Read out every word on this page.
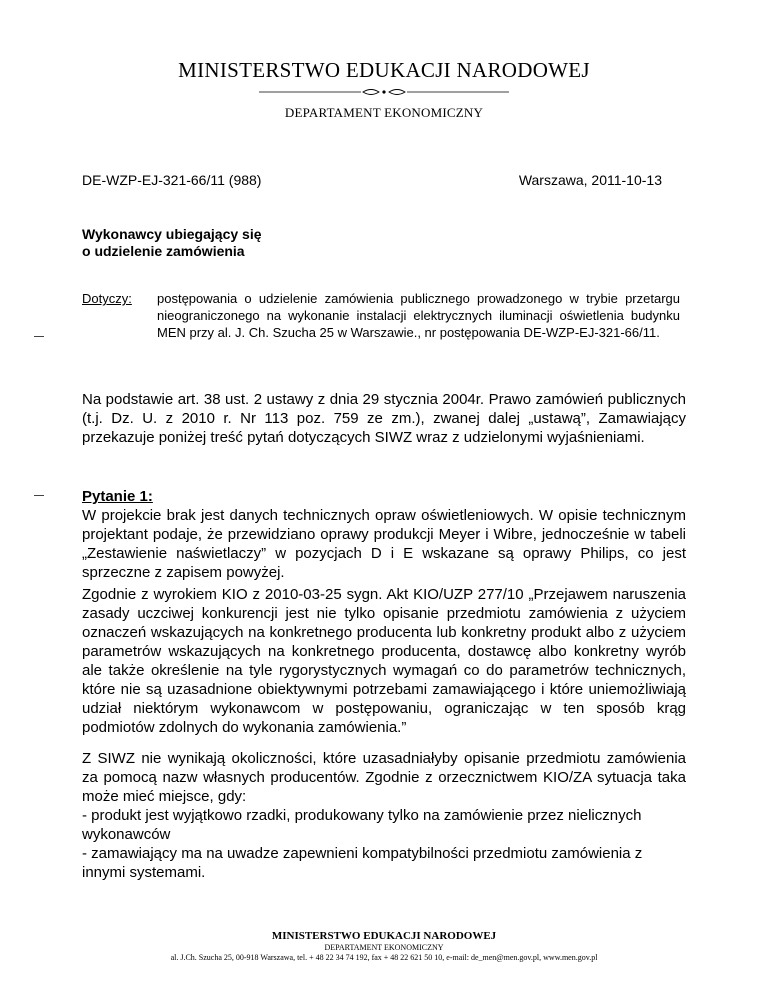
MINISTERSTWO EDUKACJI NARODOWEJ
DEPARTAMENT EKONOMICZNY
DE-WZP-EJ-321-66/11 (988)	Warszawa, 2011-10-13
Wykonawcy ubiegający się
o udzielenie zamówienia
Dotyczy: postępowania o udzielenie zamówienia publicznego prowadzonego w trybie przetargu nieograniczonego na wykonanie instalacji elektrycznych iluminacji oświetlenia budynku MEN przy al. J. Ch. Szucha 25 w Warszawie., nr postępowania DE-WZP-EJ-321-66/11.
Na podstawie art. 38 ust. 2 ustawy z dnia 29 stycznia 2004r. Prawo zamówień publicznych (t.j. Dz. U. z 2010 r. Nr 113 poz. 759 ze zm.), zwanej dalej „ustawą”, Zamawiający przekazuje poniżej treść pytań dotyczących SIWZ wraz z udzielonymi wyjaśnieniami.
Pytanie 1:
W projekcie brak jest danych technicznych opraw oświetleniowych. W opisie technicznym projektant podaje, że przewidziano oprawy produkcji Meyer i Wibre, jednocześnie w tabeli „Zestawienie naświetlaczy” w pozycjach D i E wskazane są oprawy Philips, co jest sprzeczne z zapisem powyżej.
Zgodnie z wyrokiem KIO z 2010-03-25 sygn. Akt KIO/UZP 277/10 „Przejawem naruszenia zasady uczciwej konkurencji jest nie tylko opisanie przedmiotu zamówienia z użyciem oznaczeń wskazujących na konkretnego producenta lub konkretny produkt albo z użyciem parametrów wskazujących na konkretnego producenta, dostawcę albo konkretny wyrób ale także określenie na tyle rygorystycznych wymagań co do parametrów technicznych, które nie są uzasadnione obiektywnymi potrzebami zamawiającego i które uniemożliwiają udział niektórym wykonawcom w postępowaniu, ograniczając w ten sposób krąg podmiotów zdolnych do wykonania zamówienia.”
Z SIWZ nie wynikają okoliczności, które uzasadniałyby opisanie przedmiotu zamówienia za pomocą nazw własnych producentów. Zgodnie z orzecznictwem KIO/ZA sytuacja taka może mieć miejsce, gdy:
- produkt jest wyjątkowo rzadki, produkowany tylko na zamówienie przez nielicznych wykonawców
- zamawiający ma na uwadze zapewnieni kompatybilności przedmiotu zamówienia z innymi systemami.
MINISTERSTWO EDUKACJI NARODOWEJ
DEPARTAMENT EKONOMICZNY
al. J.Ch. Szucha 25, 00-918 Warszawa, tel. + 48 22 34 74 192, fax + 48 22 621 50 10, e-mail: de_men@men.gov.pl, www.men.gov.pl
